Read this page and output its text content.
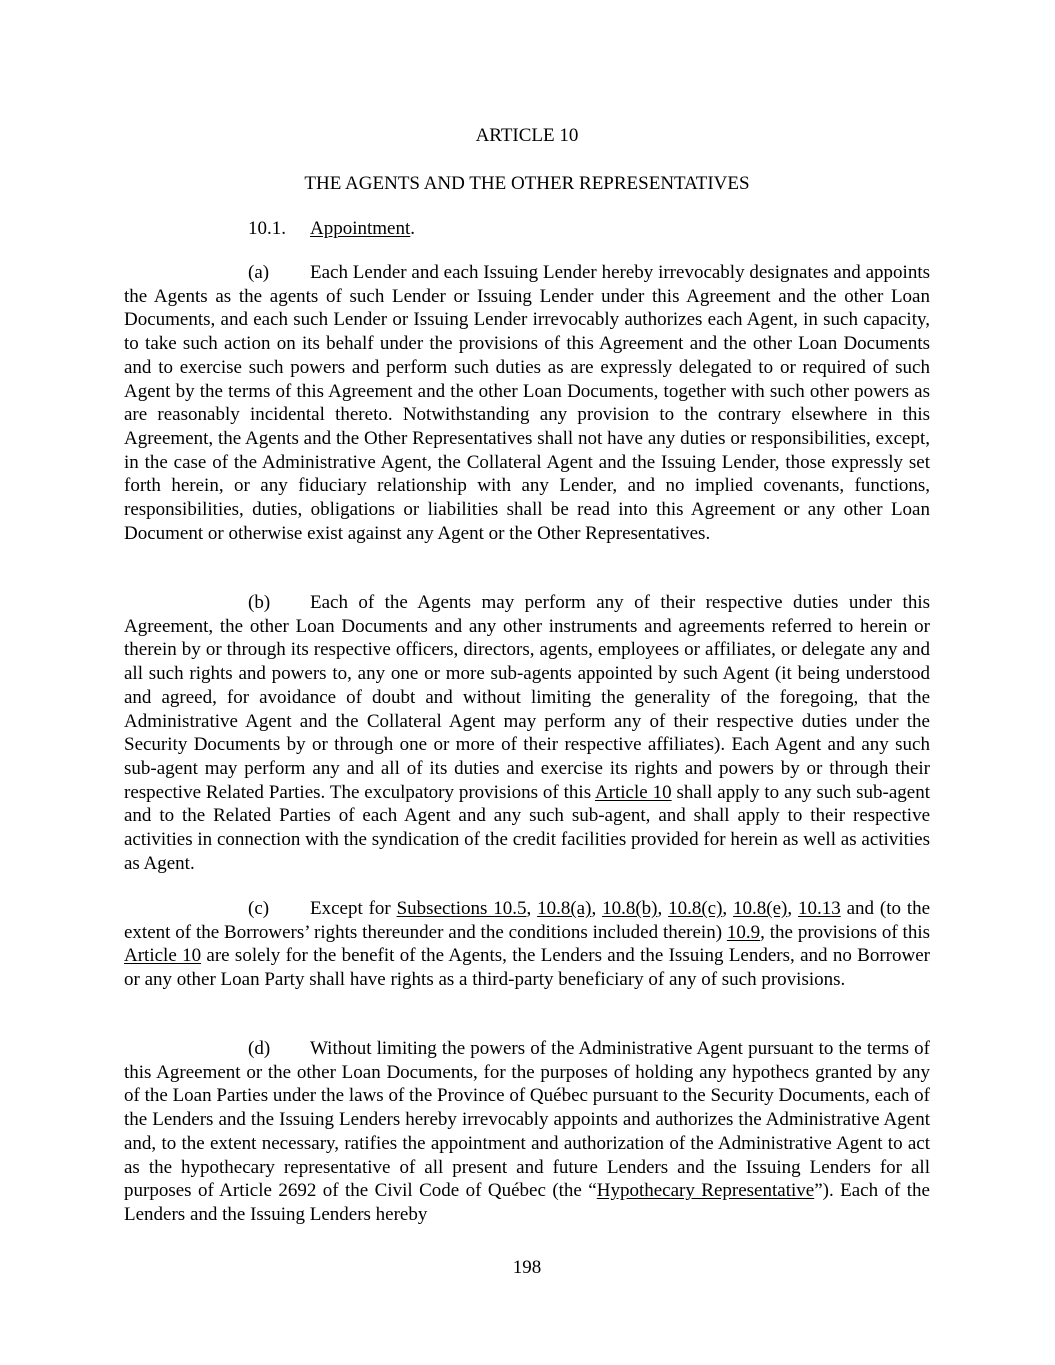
ARTICLE 10
THE AGENTS AND THE OTHER REPRESENTATIVES
10.1. Appointment.

(a) Each Lender and each Issuing Lender hereby irrevocably designates and appoints the Agents as the agents of such Lender or Issuing Lender under this Agreement and the other Loan Documents, and each such Lender or Issuing Lender irrevocably authorizes each Agent, in such capacity, to take such action on its behalf under the provisions of this Agreement and the other Loan Documents and to exercise such powers and perform such duties as are expressly delegated to or required of such Agent by the terms of this Agreement and the other Loan Documents, together with such other powers as are reasonably incidental thereto. Notwithstanding any provision to the contrary elsewhere in this Agreement, the Agents and the Other Representatives shall not have any duties or responsibilities, except, in the case of the Administrative Agent, the Collateral Agent and the Issuing Lender, those expressly set forth herein, or any fiduciary relationship with any Lender, and no implied covenants, functions, responsibilities, duties, obligations or liabilities shall be read into this Agreement or any other Loan Document or otherwise exist against any Agent or the Other Representatives.

(b) Each of the Agents may perform any of their respective duties under this Agreement, the other Loan Documents and any other instruments and agreements referred to herein or therein by or through its respective officers, directors, agents, employees or affiliates, or delegate any and all such rights and powers to, any one or more sub-agents appointed by such Agent (it being understood and agreed, for avoidance of doubt and without limiting the generality of the foregoing, that the Administrative Agent and the Collateral Agent may perform any of their respective duties under the Security Documents by or through one or more of their respective affiliates). Each Agent and any such sub-agent may perform any and all of its duties and exercise its rights and powers by or through their respective Related Parties. The exculpatory provisions of this Article 10 shall apply to any such sub-agent and to the Related Parties of each Agent and any such sub-agent, and shall apply to their respective activities in connection with the syndication of the credit facilities provided for herein as well as activities as Agent.

(c) Except for Subsections 10.5, 10.8(a), 10.8(b), 10.8(c), 10.8(e), 10.13 and (to the extent of the Borrowers’ rights thereunder and the conditions included therein) 10.9, the provisions of this Article 10 are solely for the benefit of the Agents, the Lenders and the Issuing Lenders, and no Borrower or any other Loan Party shall have rights as a third-party beneficiary of any of such provisions.

(d) Without limiting the powers of the Administrative Agent pursuant to the terms of this Agreement or the other Loan Documents, for the purposes of holding any hypothecs granted by any of the Loan Parties under the laws of the Province of Québec pursuant to the Security Documents, each of the Lenders and the Issuing Lenders hereby irrevocably appoints and authorizes the Administrative Agent and, to the extent necessary, ratifies the appointment and authorization of the Administrative Agent to act as the hypothecary representative of all present and future Lenders and the Issuing Lenders for all purposes of Article 2692 of the Civil Code of Québec (the “Hypothecary Representative”). Each of the Lenders and the Issuing Lenders hereby

198
